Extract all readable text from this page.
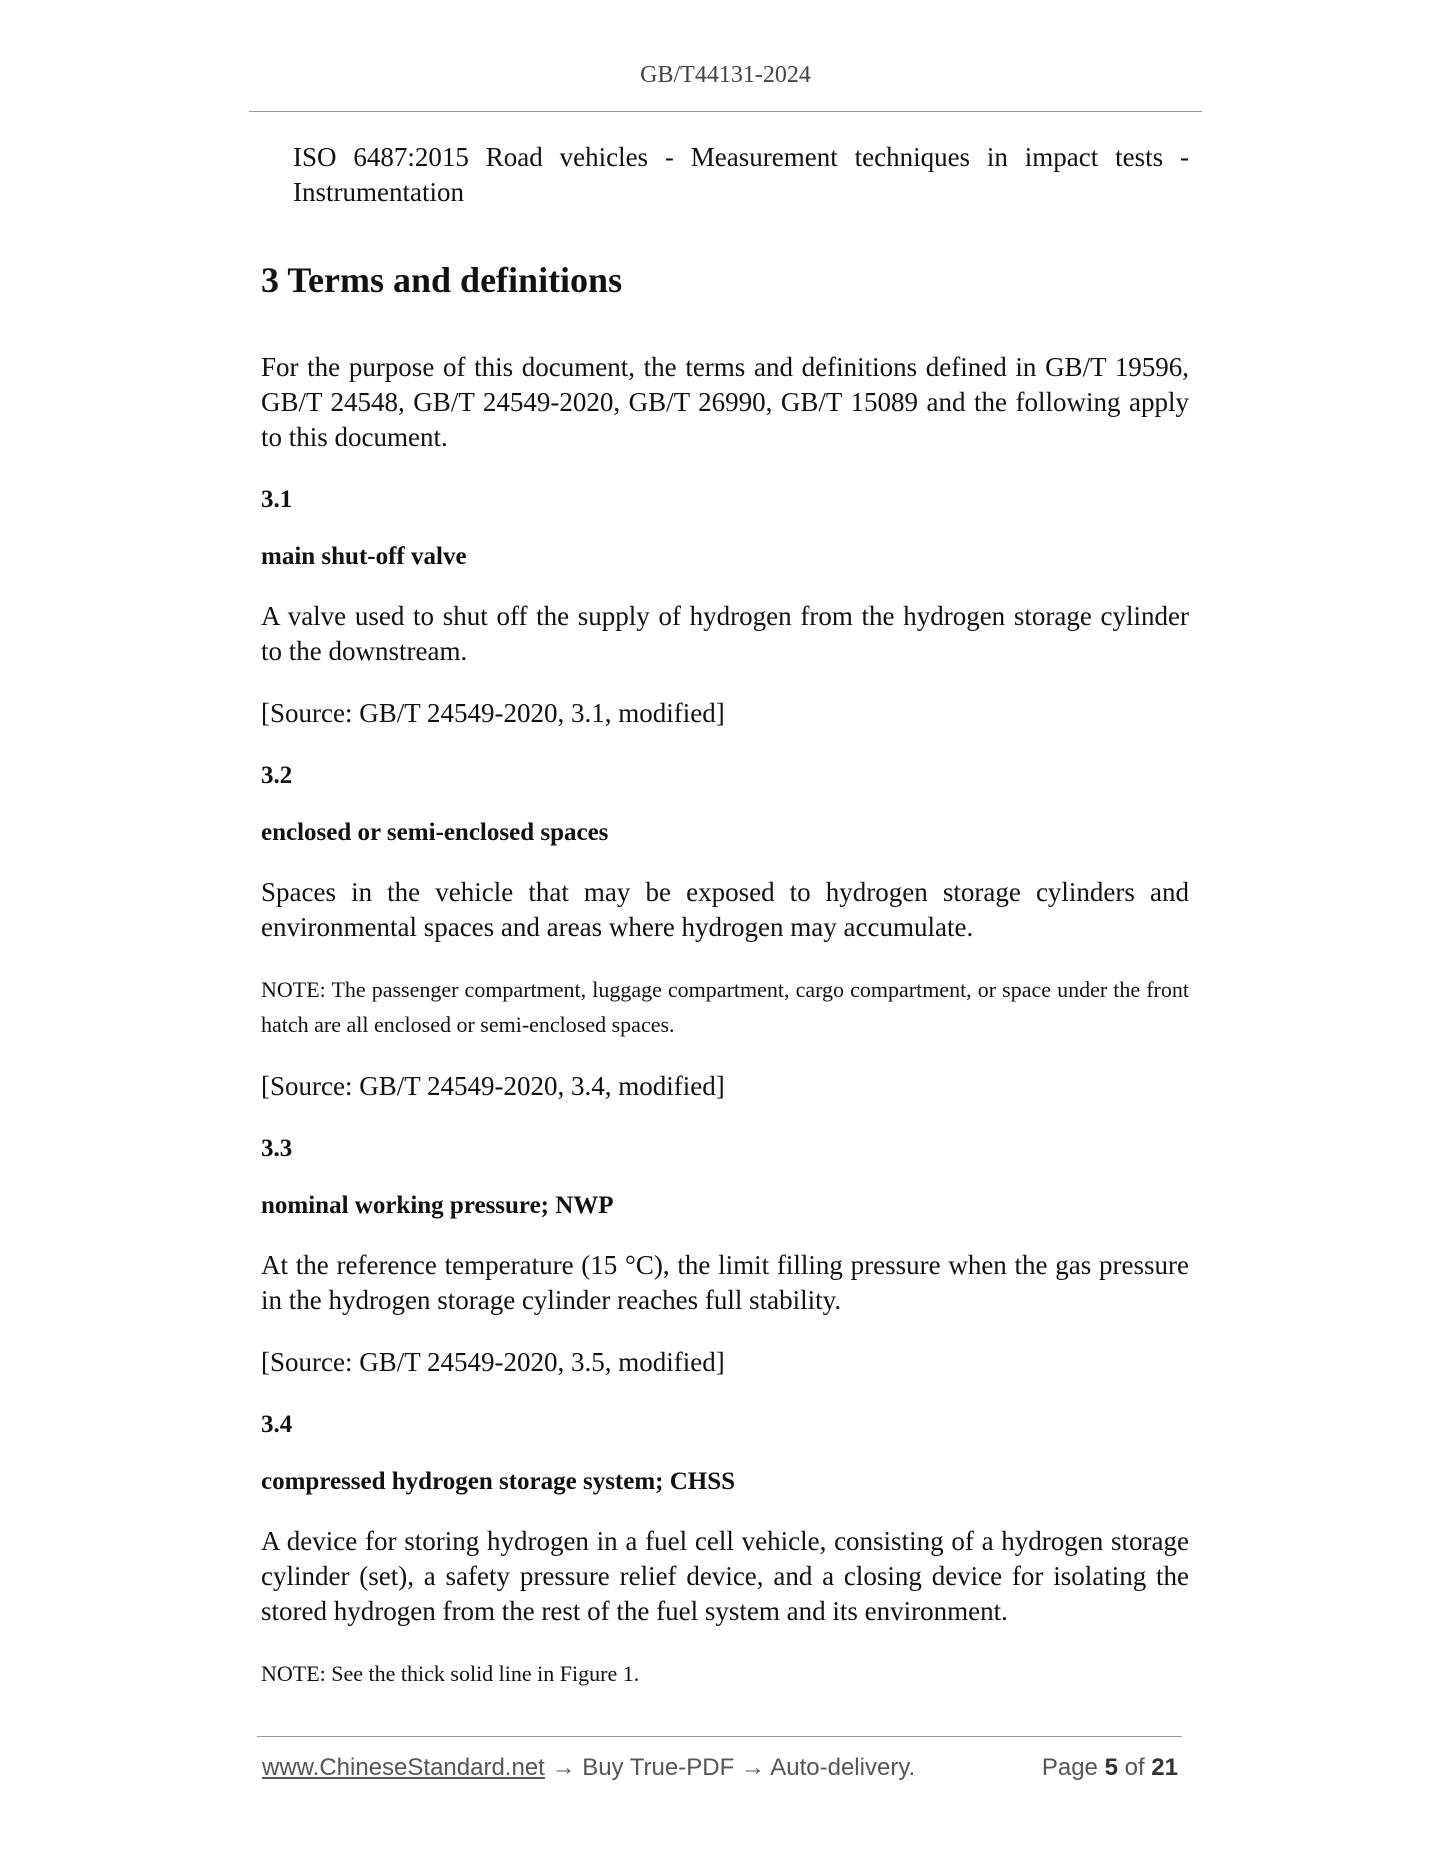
GB/T44131-2024

ISO 6487:2015 Road vehicles - Measurement techniques in impact tests - Instrumentation

3 Terms and definitions

For the purpose of this document, the terms and definitions defined in GB/T 19596, GB/T 24548, GB/T 24549-2020, GB/T 26990, GB/T 15089 and the following apply to this document.

3.1

main shut-off valve

A valve used to shut off the supply of hydrogen from the hydrogen storage cylinder to the downstream.

[Source: GB/T 24549-2020, 3.1, modified]

3.2

enclosed or semi-enclosed spaces

Spaces in the vehicle that may be exposed to hydrogen storage cylinders and environmental spaces and areas where hydrogen may accumulate.

NOTE: The passenger compartment, luggage compartment, cargo compartment, or space under the front hatch are all enclosed or semi-enclosed spaces.

[Source: GB/T 24549-2020, 3.4, modified]

3.3

nominal working pressure; NWP

At the reference temperature (15 °C), the limit filling pressure when the gas pressure in the hydrogen storage cylinder reaches full stability.

[Source: GB/T 24549-2020, 3.5, modified]

3.4

compressed hydrogen storage system; CHSS

A device for storing hydrogen in a fuel cell vehicle, consisting of a hydrogen storage cylinder (set), a safety pressure relief device, and a closing device for isolating the stored hydrogen from the rest of the fuel system and its environment.

NOTE: See the thick solid line in Figure 1.

www.ChineseStandard.net → Buy True-PDF → Auto-delivery.	Page 5 of 21
